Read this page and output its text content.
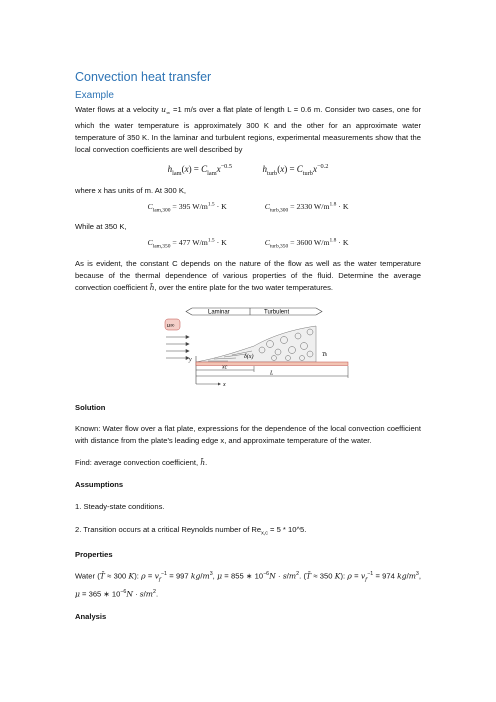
Convection heat transfer
Example

Water flows at a velocity $u_\infty =1$ m/s over a flat plate of length L = 0.6 m. Consider two cases, one for which the water temperature is approximately 300 K and the other for an approximate water temperature of 350 K. In the laminar and turbulent regions, experimental measurements show that the local convection coefficients are well described by

$h_{lam}(x) = C_{lam}x^{-0.5}$	$h_{turb}(x) = C_{turb}x^{-0.2}$

where x has units of m. At 300 K,

$C_{lam,300} = 395$ $W/m^{1.5} \cdot K$	$C_{turb,300} = 2330$ $W/m^{1.8} \cdot K$

While at 350 K,

$C_{lam,350} = 477$ $W/m^{1.5} \cdot K$	$C_{turb,350} = 3600$ $W/m^{1.8} \cdot K$

As is evident, the constant C depends on the nature of the flow as well as the water temperature because of the thermal dependence of various properties of the fluid. Determine the average convection coefficient h̄, over the entire plate for the two water temperatures.

Laminar	Turbulent
u∞
y
x
δ(x)	Ts
xc
L

Solution

Known: Water flow over a flat plate, expressions for the dependence of the local convection coefficient with distance from the plate's leading edge x, and approximate temperature of the water.

Find: average convection coefficient, h̄.

Assumptions

1. Steady-state conditions.

2. Transition occurs at a critical Reynolds number of $Re_{x,c} = 5$ * 10^5.

Properties

Water (T̄ ≈ 300 K): $\rho = v_f^{-1} = 997$ $kg/m^3$, μ = 855 ∗ $10^{-6}N \cdot s/m^2$. (T̄ ≈ 350 K): $\rho = v_f^{-1} = 974$ $kg/m^3$, μ = 365 ∗ $10^{-6}N \cdot s/m^2$.

Analysis
